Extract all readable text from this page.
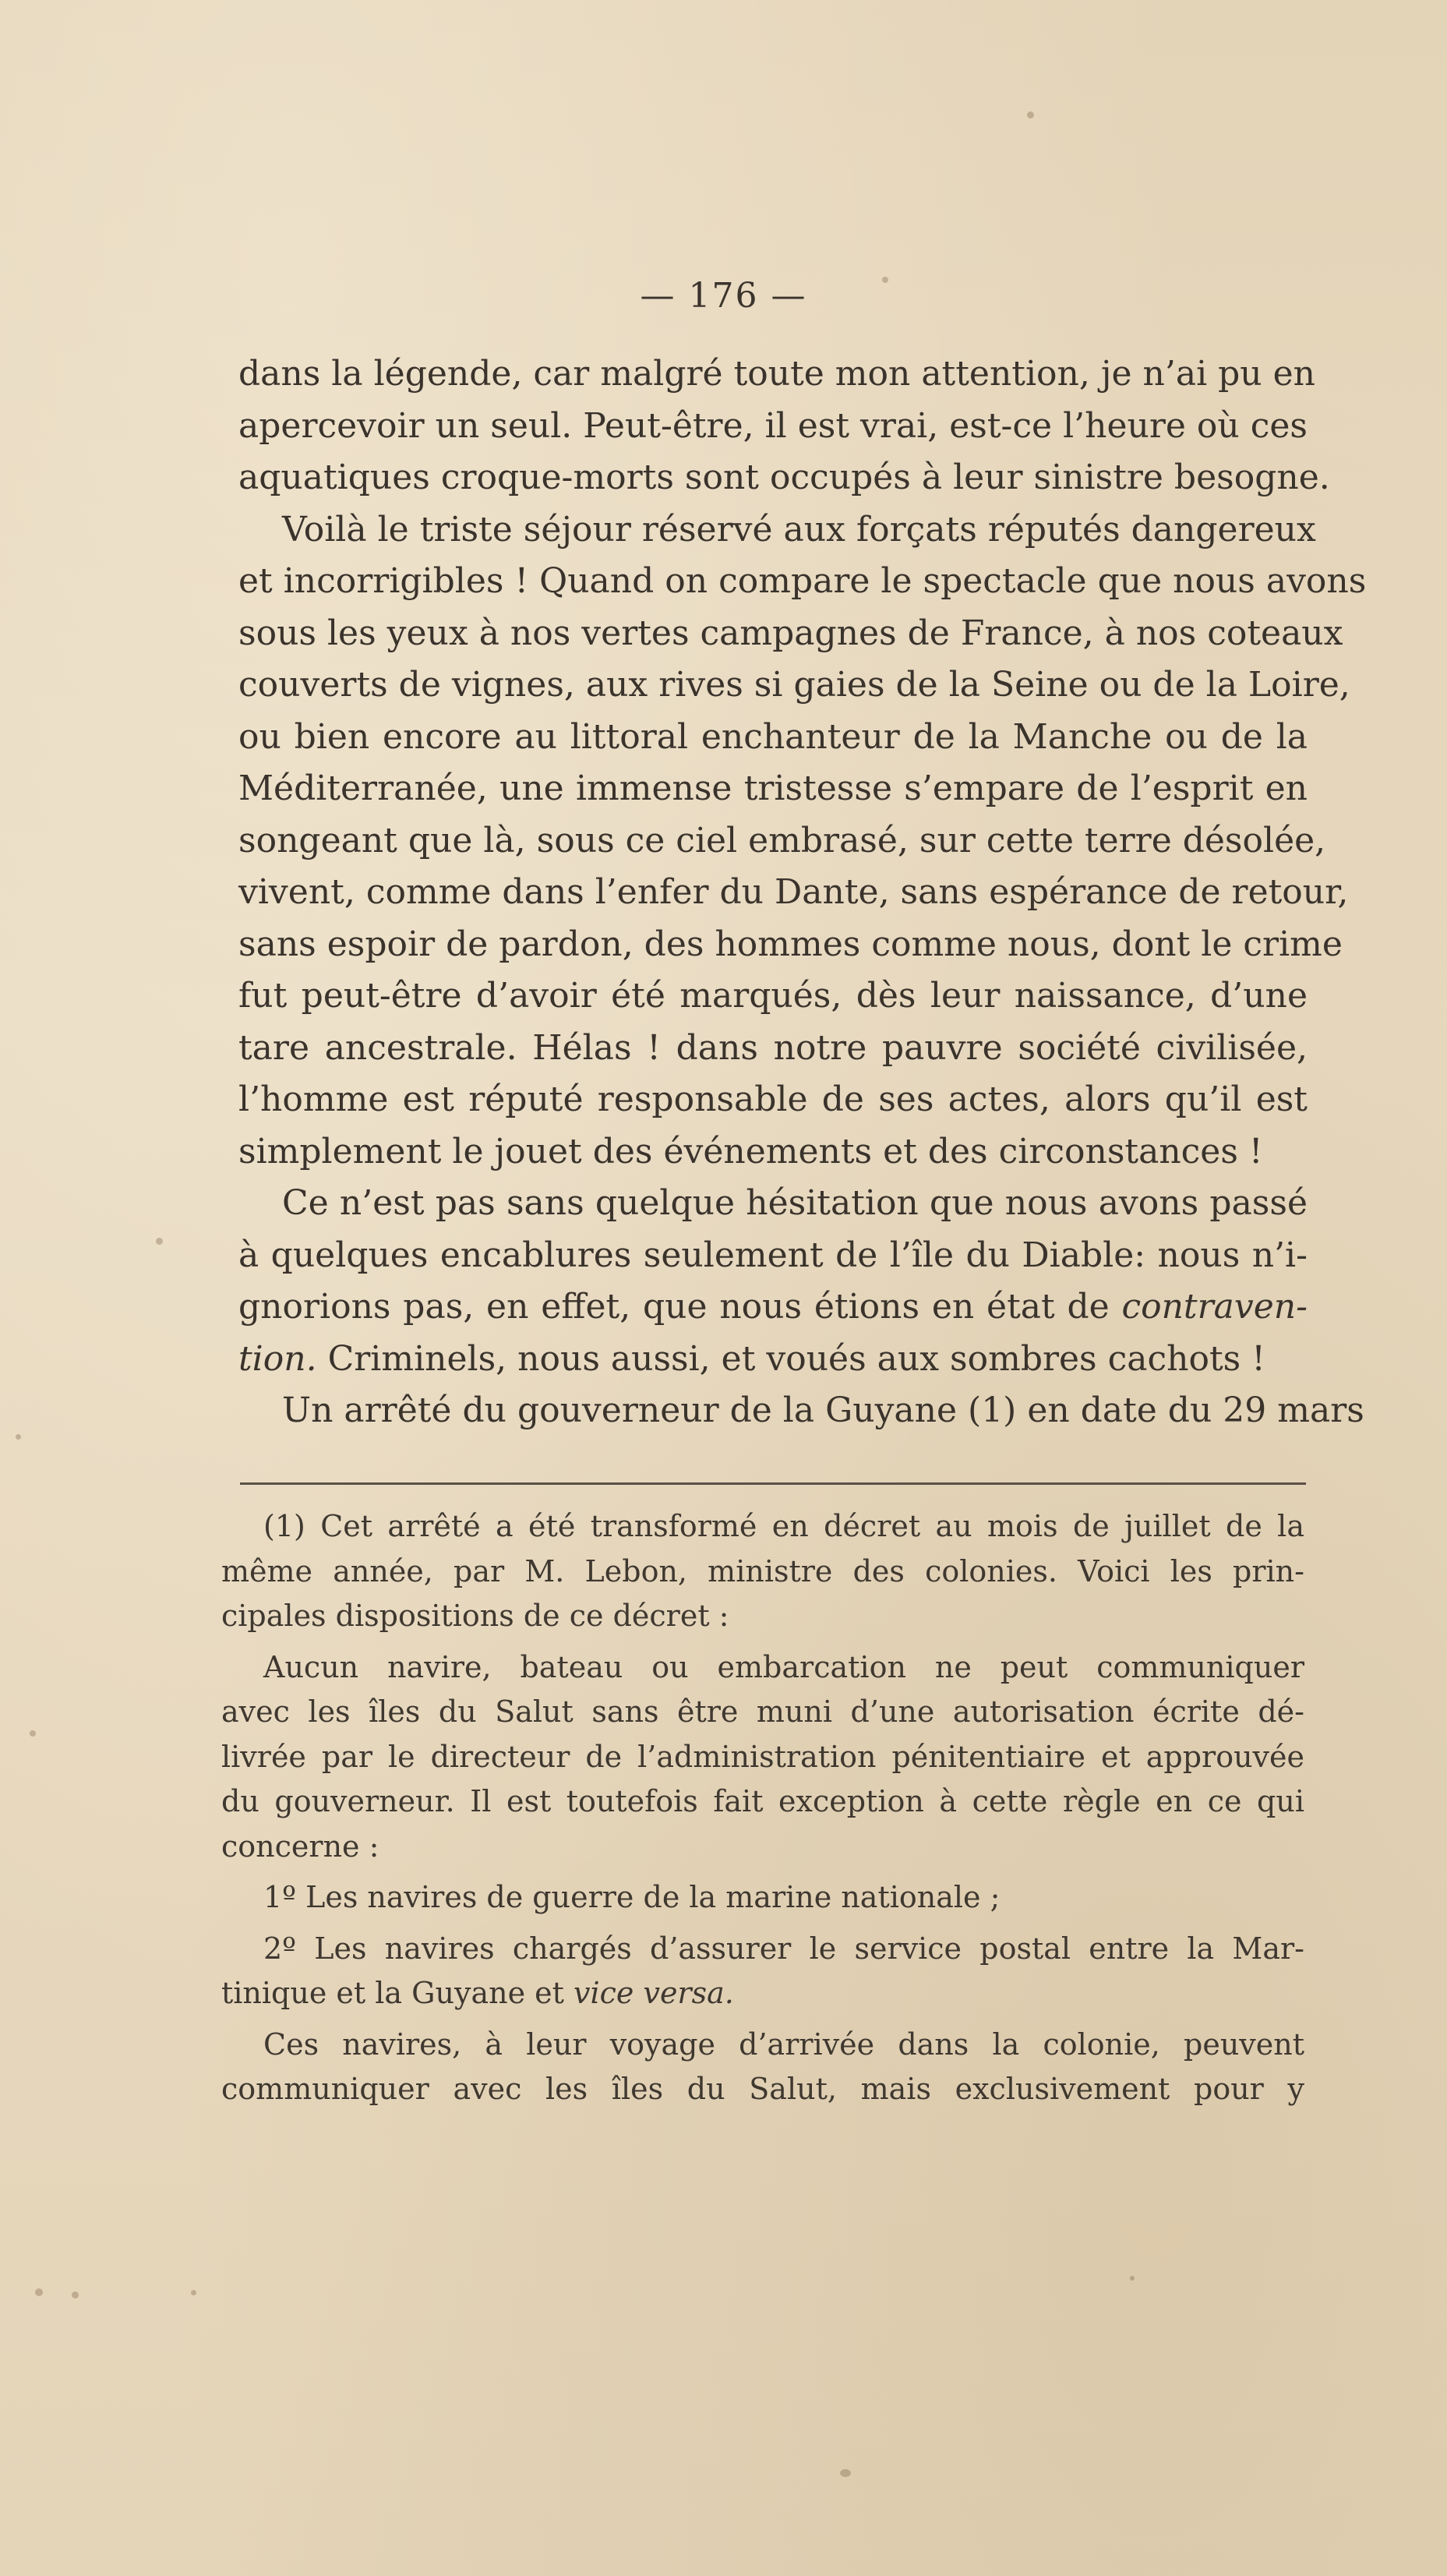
— 176 —
dans la légende, car malgré toute mon attention, je n’ai pu en
apercevoir un seul. Peut-être, il est vrai, est-ce l’heure où ces
aquatiques croque-morts sont occupés à leur sinistre besogne.
Voilà le triste séjour réservé aux forçats réputés dangereux
et incorrigibles ! Quand on compare le spectacle que nous avons
sous les yeux à nos vertes campagnes de France, à nos coteaux
couverts de vignes, aux rives si gaies de la Seine ou de la Loire,
ou bien encore au littoral enchanteur de la Manche ou de la
Méditerranée, une immense tristesse s’empare de l’esprit en
songeant que là, sous ce ciel embrasé, sur cette terre désolée,
vivent, comme dans l’enfer du Dante, sans espérance de retour,
sans espoir de pardon, des hommes comme nous, dont le crime
fut peut-être d’avoir été marqués, dès leur naissance, d’une
tare ancestrale. Hélas ! dans notre pauvre société civilisée,
l’homme est réputé responsable de ses actes, alors qu’il est
simplement le jouet des événements et des circonstances !
Ce n’est pas sans quelque hésitation que nous avons passé
à quelques encablures seulement de l’île du Diable: nous n’i-
gnorions pas, en effet, que nous étions en état de contraven-
tion. Criminels, nous aussi, et voués aux sombres cachots !
Un arrêté du gouverneur de la Guyane (1) en date du 29 mars
(1) Cet arrêté a été transformé en décret au mois de juillet de la
même année, par M. Lebon, ministre des colonies. Voici les prin-
cipales dispositions de ce décret :
Aucun navire, bateau ou embarcation ne peut communiquer
avec les îles du Salut sans être muni d’une autorisation écrite dé-
livrée par le directeur de l’administration pénitentiaire et approuvée
du gouverneur. Il est toutefois fait exception à cette règle en ce qui
concerne :
1º Les navires de guerre de la marine nationale ;
2º Les navires chargés d’assurer le service postal entre la Mar-
tinique et la Guyane et vice versa.
Ces navires, à leur voyage d’arrivée dans la colonie, peuvent
communiquer avec les îles du Salut, mais exclusivement pour y
